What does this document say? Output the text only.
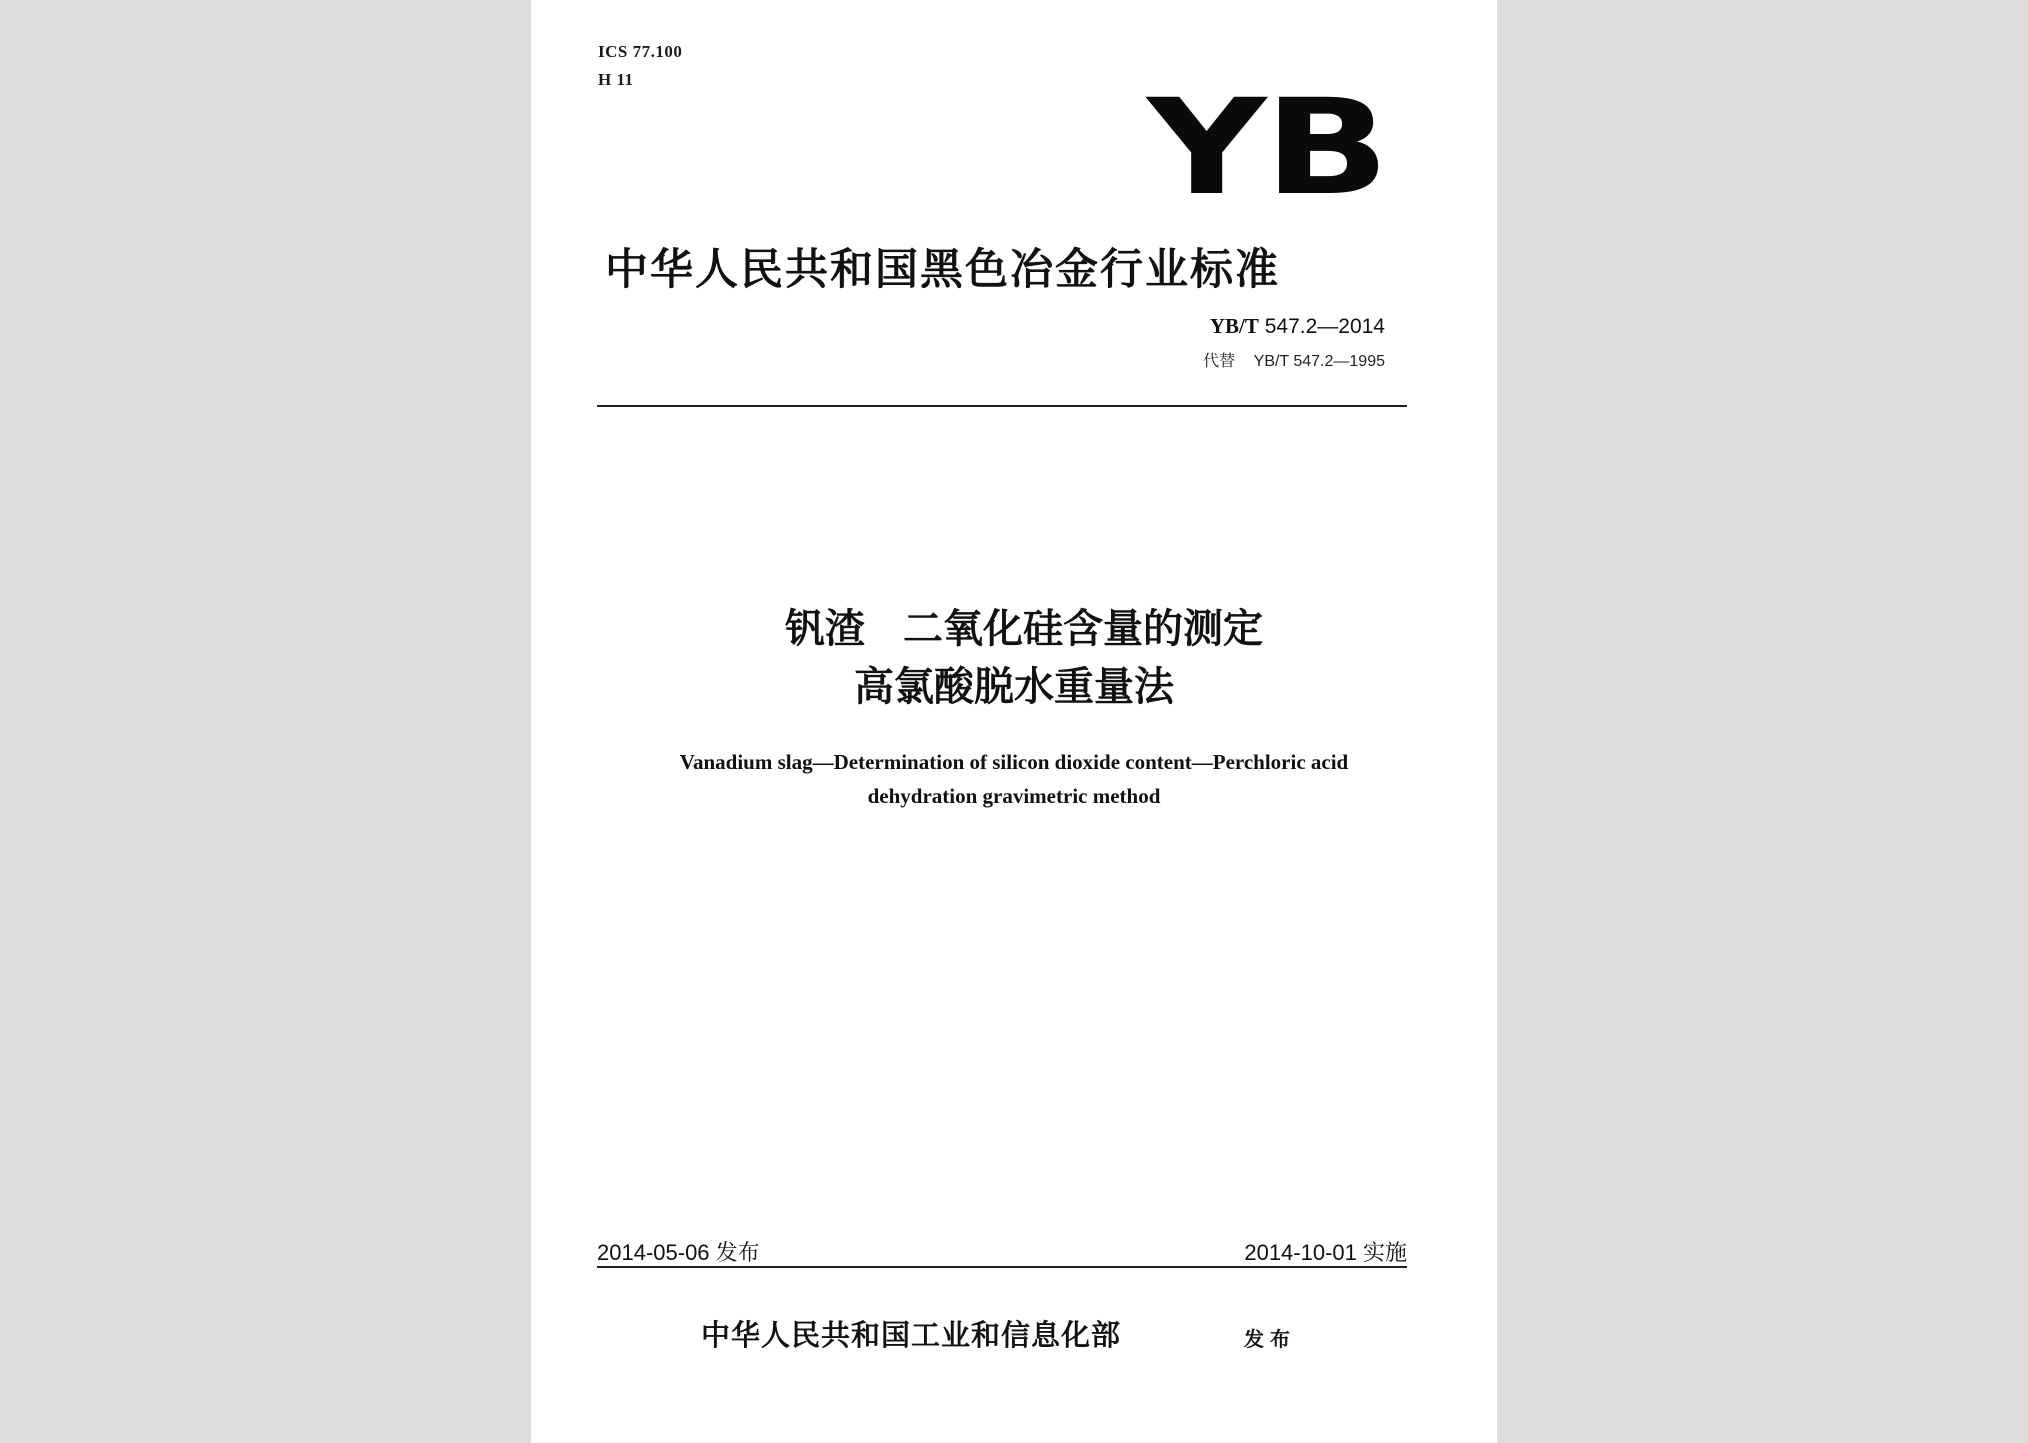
ICS 77.100
H 11	YB
中华人民共和国黑色冶金行业标准
YB/T 547.2—2014
代替 YB/T 547.2—1995
钒渣 二氧化硅含量的测定
高氯酸脱水重量法
Vanadium slag—Determination of silicon dioxide content—Perchloric acid
dehydration gravimetric method
2014-05-06 发布	2014-10-01 实施
中华人民共和国工业和信息化部	发布
